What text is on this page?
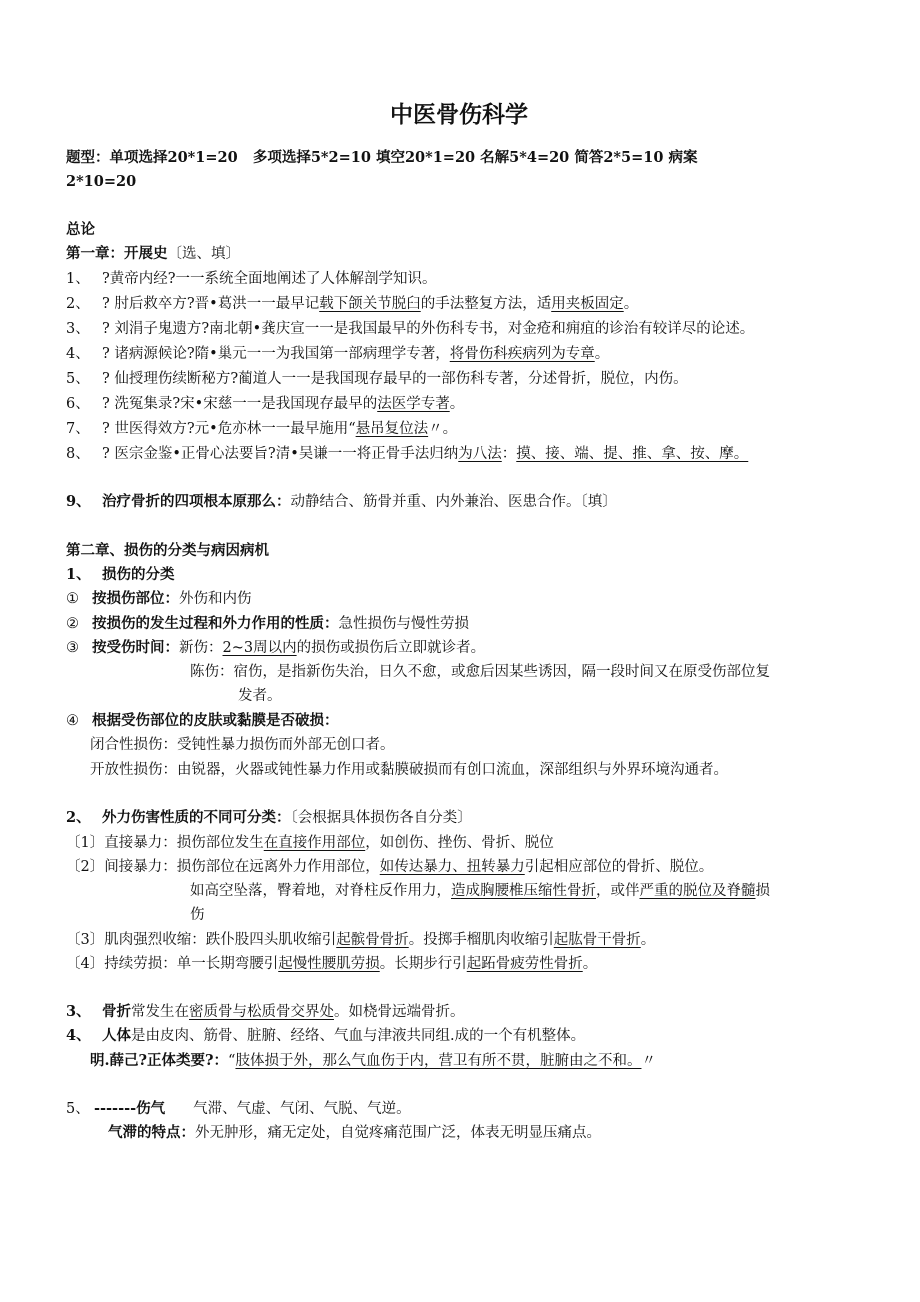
中医骨伤科学
题型：单项选择20*1=20   多项选择5*2=10 填空20*1=20 名解5*4=20 简答2*5=10 病案
2*10=20
总论
第一章：开展史〔选、填〕
1、 ?黄帝内经?一一系统全面地阐述了人体解剖学知识。
2、 ? 肘后救卒方?晋•葛洪一一最早记载下颌关节脱臼的手法整复方法，适用夹板固定。
3、 ? 刘涓子鬼遗方?南北朝•龚庆宣一一是我国最早的外伤科专书，对金疮和痈疽的诊治有较详尽的论述。
4、 ? 诸病源候论?隋•巢元一一为我国第一部病理学专著，将骨伤科疾病列为专章。
5、 ? 仙授理伤续断秘方?蔺道人一一是我国现存最早的一部伤科专著，分述骨折，脱位，内伤。
6、 ? 洗冤集录?宋•宋慈一一是我国现存最早的法医学专著。
7、 ? 世医得效方?元•危亦林一一最早施用“悬吊复位法〃。
8、 ? 医宗金鉴•正骨心法要旨?清•吴谦一一将正骨手法归纳为八法：摸、接、端、提、推、拿、按、摩。
9、 治疗骨折的四项根本原那么：动静结合、筋骨并重、内外兼治、医患合作。〔填〕
第二章、损伤的分类与病因病机
1、 损伤的分类
① 按损伤部位：外伤和内伤
② 按损伤的发生过程和外力作用的性质：急性损伤与慢性劳损
③ 按受伤时间：新伤：2~3周以内的损伤或损伤后立即就诊者。
陈伤：宿伤，是指新伤失治，日久不愈，或愈后因某些诱因，隔一段时间又在原受伤部位复
发者。
④ 根据受伤部位的皮肤或黏膜是否破损：
闭合性损伤：受钝性暴力损伤而外部无创口者。
开放性损伤：由锐器，火器或钝性暴力作用或黏膜破损而有创口流血，深部组织与外界环境沟通者。
2、 外力伤害性质的不同可分类：〔会根据具体损伤各自分类〕
〔1〕直接暴力：损伤部位发生在直接作用部位，如创伤、挫伤、骨折、脱位
〔2〕间接暴力：损伤部位在远离外力作用部位，如传达暴力、扭转暴力引起相应部位的骨折、脱位。
如高空坠落，臀着地，对脊柱反作用力，造成胸腰椎压缩性骨折，或伴严重的脱位及脊髓损
伤
〔3〕肌肉强烈收缩：跌仆股四头肌收缩引起髌骨骨折。投掷手榴肌肉收缩引起肱骨干骨折。
〔4〕持续劳损：单一长期弯腰引起慢性腰肌劳损。长期步行引起跖骨疲劳性骨折。
3、 骨折常发生在密质骨与松质骨交界处。如桡骨远端骨折。
4、 人体是由皮肉、筋骨、脏腑、经络、气血与津液共同组.成的一个有机整体。
明.薛己?正体类要?：“肢体损于外，那么气血伤于内，营卫有所不贯，脏腑由之不和。〃
5、 -------伤气 气滞、气虚、气闭、气脱、气逆。
气滞的特点：外无肿形，痛无定处，自觉疼痛范围广泛，体表无明显压痛点。
